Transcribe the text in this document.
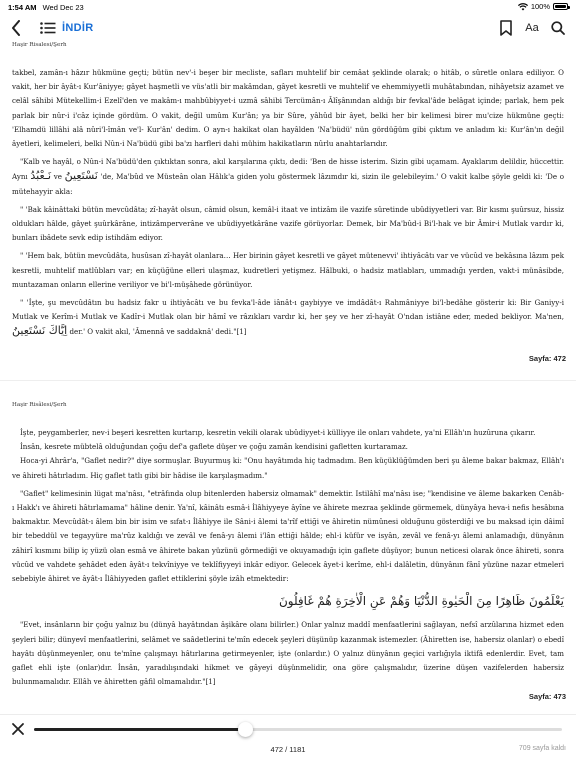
1:54 AM Wed Dec 23	100%
İNDİR	Aa
Haşir Risalesi/Şerh

takbel, zamân-ı hâzır hükmüne geçti; bütün nev'-i beşer bir mecliste, safları muhtelif bir cemâat şeklinde olarak; o hitâb, o sûretle onlara ediliyor. O vakit, her bir âyât-ı Kur'âniyye; gâyet haşmetli ve vüs'atli bir makâmdan, gâyet kesretli ve muhtelif ve ehemmiyyetli muhâtabından, nihâyetsiz azamet ve celâl sâhibi Mütekellim-i Ezelî'den ve makâm-ı mahbûbiyyet-i uzmâ sâhibi Tercümân-ı Âlîşânından aldığı bir fevkal'âde belâgat içinde; parlak, hem pek parlak bir nûr-i i'câz içinde gördüm. O vakit, değil umûm Kur'ân; ya bir Sûre, yâhûd bir âyet, belki her bir kelimesi birer mu'cize hükmüne geçti: 'Elhamdü lillâhi alâ nûri'l-îmân ve'l- Kur'ân' dedim. O ayn-ı hakikat olan hayâlden 'Na'büdü' nün gördüğüm gibi çıktım ve anladım ki: Kur'ân'ın değil âyetleri, kelimeleri, belki Nûn-i Na'büdü gibi ba'zı harfleri dahi mühim hakikatların nûrlu anahtarlarıdır.

"Kalb ve hayâl, o Nûn-i Na'büdü'den çıktıktan sonra, akıl karşılarına çıktı, dedi: 'Ben de hisse isterim. Sizin gibi uçamam. Ayaklarım delildir, hüccettir. Aynı نَـعْبُدُ ve نَسْتَعِينُ 'de, Ma'bûd ve Müsteân olan Hâlık'a giden yolu göstermek lâzımdır ki, sizin ile gelebileyim.' O vakit kalbe şöyle geldi ki: 'De o mütehayyir akla:

" 'Bak kâinâttaki bütün mevcûdâta; zî-hayât olsun, câmid olsun, kemâl-i itaat ve intizâm ile vazife sûretinde ubûdiyyetleri var. Bir kısmı şuûrsuz, hissiz oldukları hâlde, gâyet şuûrkârâne, intizâmperverâne ve ubûdiyyetkârâne vazife görüyorlar. Demek, bir Ma'bûd-i Bi'l-hak ve bir Âmir-i Mutlak vardır ki, bunları ibâdete sevk edip istihdâm ediyor.

" 'Hem bak, bütün mevcûdâta, husûsan zî-hayât olanlara… Her birinin gâyet kesretli ve gâyet mütenevvi' ihtiyâcâtı var ve vücûd ve bekâsına lâzım pek kesretli, muhtelif matlûbları var; en küçüğüne elleri ulaşmaz, kudretleri yetişmez. Hâlbuki, o hadsiz matlabları, ummadığı yerden, vakt-i münâsibde, muntazaman onların ellerine veriliyor ve bi'l-müşâhede görünüyor.

" 'İşte, şu mevcûdâtın bu hadsiz fakr u ihtiyâcâtı ve bu fevka'l-âde iânât-ı gaybiyye ve imdâdât-ı Rahmâniyye bi'l-bedâhe gösterir ki: Bir Ganiyy-i Mutlak ve Kerîm-i Mutlak ve Kadîr-i Mutlak olan bir hâmî ve râzıkları vardır ki, her şey ve her zî-hayât O'ndan istiâne eder, meded bekliyor. Ma'nen, اِيَّاكَ نَسْتَعِينُ der.' O vakit akıl, 'Âmennâ ve saddaknâ' dedi."[1]

Sayfa: 472
Haşir Risâlesi/Şerh

İşte, peygamberler, nev-i beşeri kesretten kurtarıp, kesretin vekili olarak ubûdiyyet-i külliyye ile onları vahdete, ya'ni Ellâh'ın huzûruna çıkarır.

İnsân, kesrete mübtelâ olduğundan çoğu def'a gaflete düşer ve çoğu zamân kendisini gafletten kurtaramaz.

Hoca-yi Ahrâr'a, "Gaflet nedir?" diye sormuşlar. Buyurmuş ki: "Onu hayâtımda hiç tadmadım. Ben küçüklüğümden beri şu âleme bakar bakmaz, Ellâh'ı ve âhireti hâtırladım. Hiç gaflet tatlı gibi bir hâdise ile karşılaşmadım."

"Gaflet" kelimesinin lügat ma'nâsı, "etrâfında olup bitenlerden habersiz olmamak" demektir. Istilâhî ma'nâsı ise; "kendisine ve âleme bakarken Cenâb-ı Hakk'ı ve âhireti hâtırlamama" hâline denir. Ya'nî, kâinâtı esmâ-i İlâhiyyeye âyîne ve âhirete mezraa şeklinde görmemek, dünyâya heva-i nefis hesâbına bakmaktır. Mevcûdât-ı âlem bin bir isim ve sıfat-ı İlâhiyye ile Sâni-i âlemi ta'rîf ettiği ve âhiretin nümûnesi olduğunu gösterdiği ve bu maksad için dâimî bir tebeddül ve tegayyüre ma'rûz kaldığı ve zevâl ve fenâ-yı âlemi i'lân ettiği hâlde; ehl-i küfür ve isyân, zevâl ve fenâ-yı âlemi anlamadığı, dünyânın zâhirî kısmını bilip iç yüzü olan esmâ ve âhirete bakan yüzünü görmediği ve okuyamadığı için gaflete düşüyor; bunun neticesi olarak önce âhireti, sonra vücûd ve vahdete şehâdet eden âyât-ı tekvîniyye ve teklîfiyyeyi inkâr ediyor. Gelecek âyet-i kerîme, ehl-i dalâletin, dünyânın fânî yüzüne nazar etmeleri sebebiyle âhiret ve âyât-ı İlâhiyyeden gaflet ettiklerini şöyle izâh etmektedir:

يَعْلَمُونَ ظَاهِرًا مِنَ الْحَيٰوةِ الدُّنْيَا وَهُمْ عَنِ الْاٰخِرَةِ هُمْ غَافِلُونَ

"Evet, insânların bir çoğu yalnız bu (dünyâ hayâtından âşikâre olanı bilirler.) Onlar yalnız maddî menfaatlerini sağlayan, nefsî arzûlarına hizmet eden şeyleri bilir; dünyevî menfaatlerini, selâmet ve saâdetlerini te'mîn edecek şeyleri düşünüp kazanmak istemezler. (Âhiretten ise, habersiz olanlar) o ebedî hayâtı düşünmeyenler, onu te'mîne çalışmayı hâtırlarına getirmeyenler, işte (onlardır.) O yalnız dünyânın geçici varlığıyla iktifâ edenlerdir. Evet, tam gaflet ehli işte (onlar)dır. İnsân, yaradılışındaki hikmet ve gâyeyi düşünmelidir, ona göre çalışmalıdır, üzerine düşen vazifelerden habersiz bulunmamalıdır. Ellâh ve âhiretten gâfil olmamalıdır."[1]

Sayfa: 473
472 / 1181	709 sayfa kaldı
